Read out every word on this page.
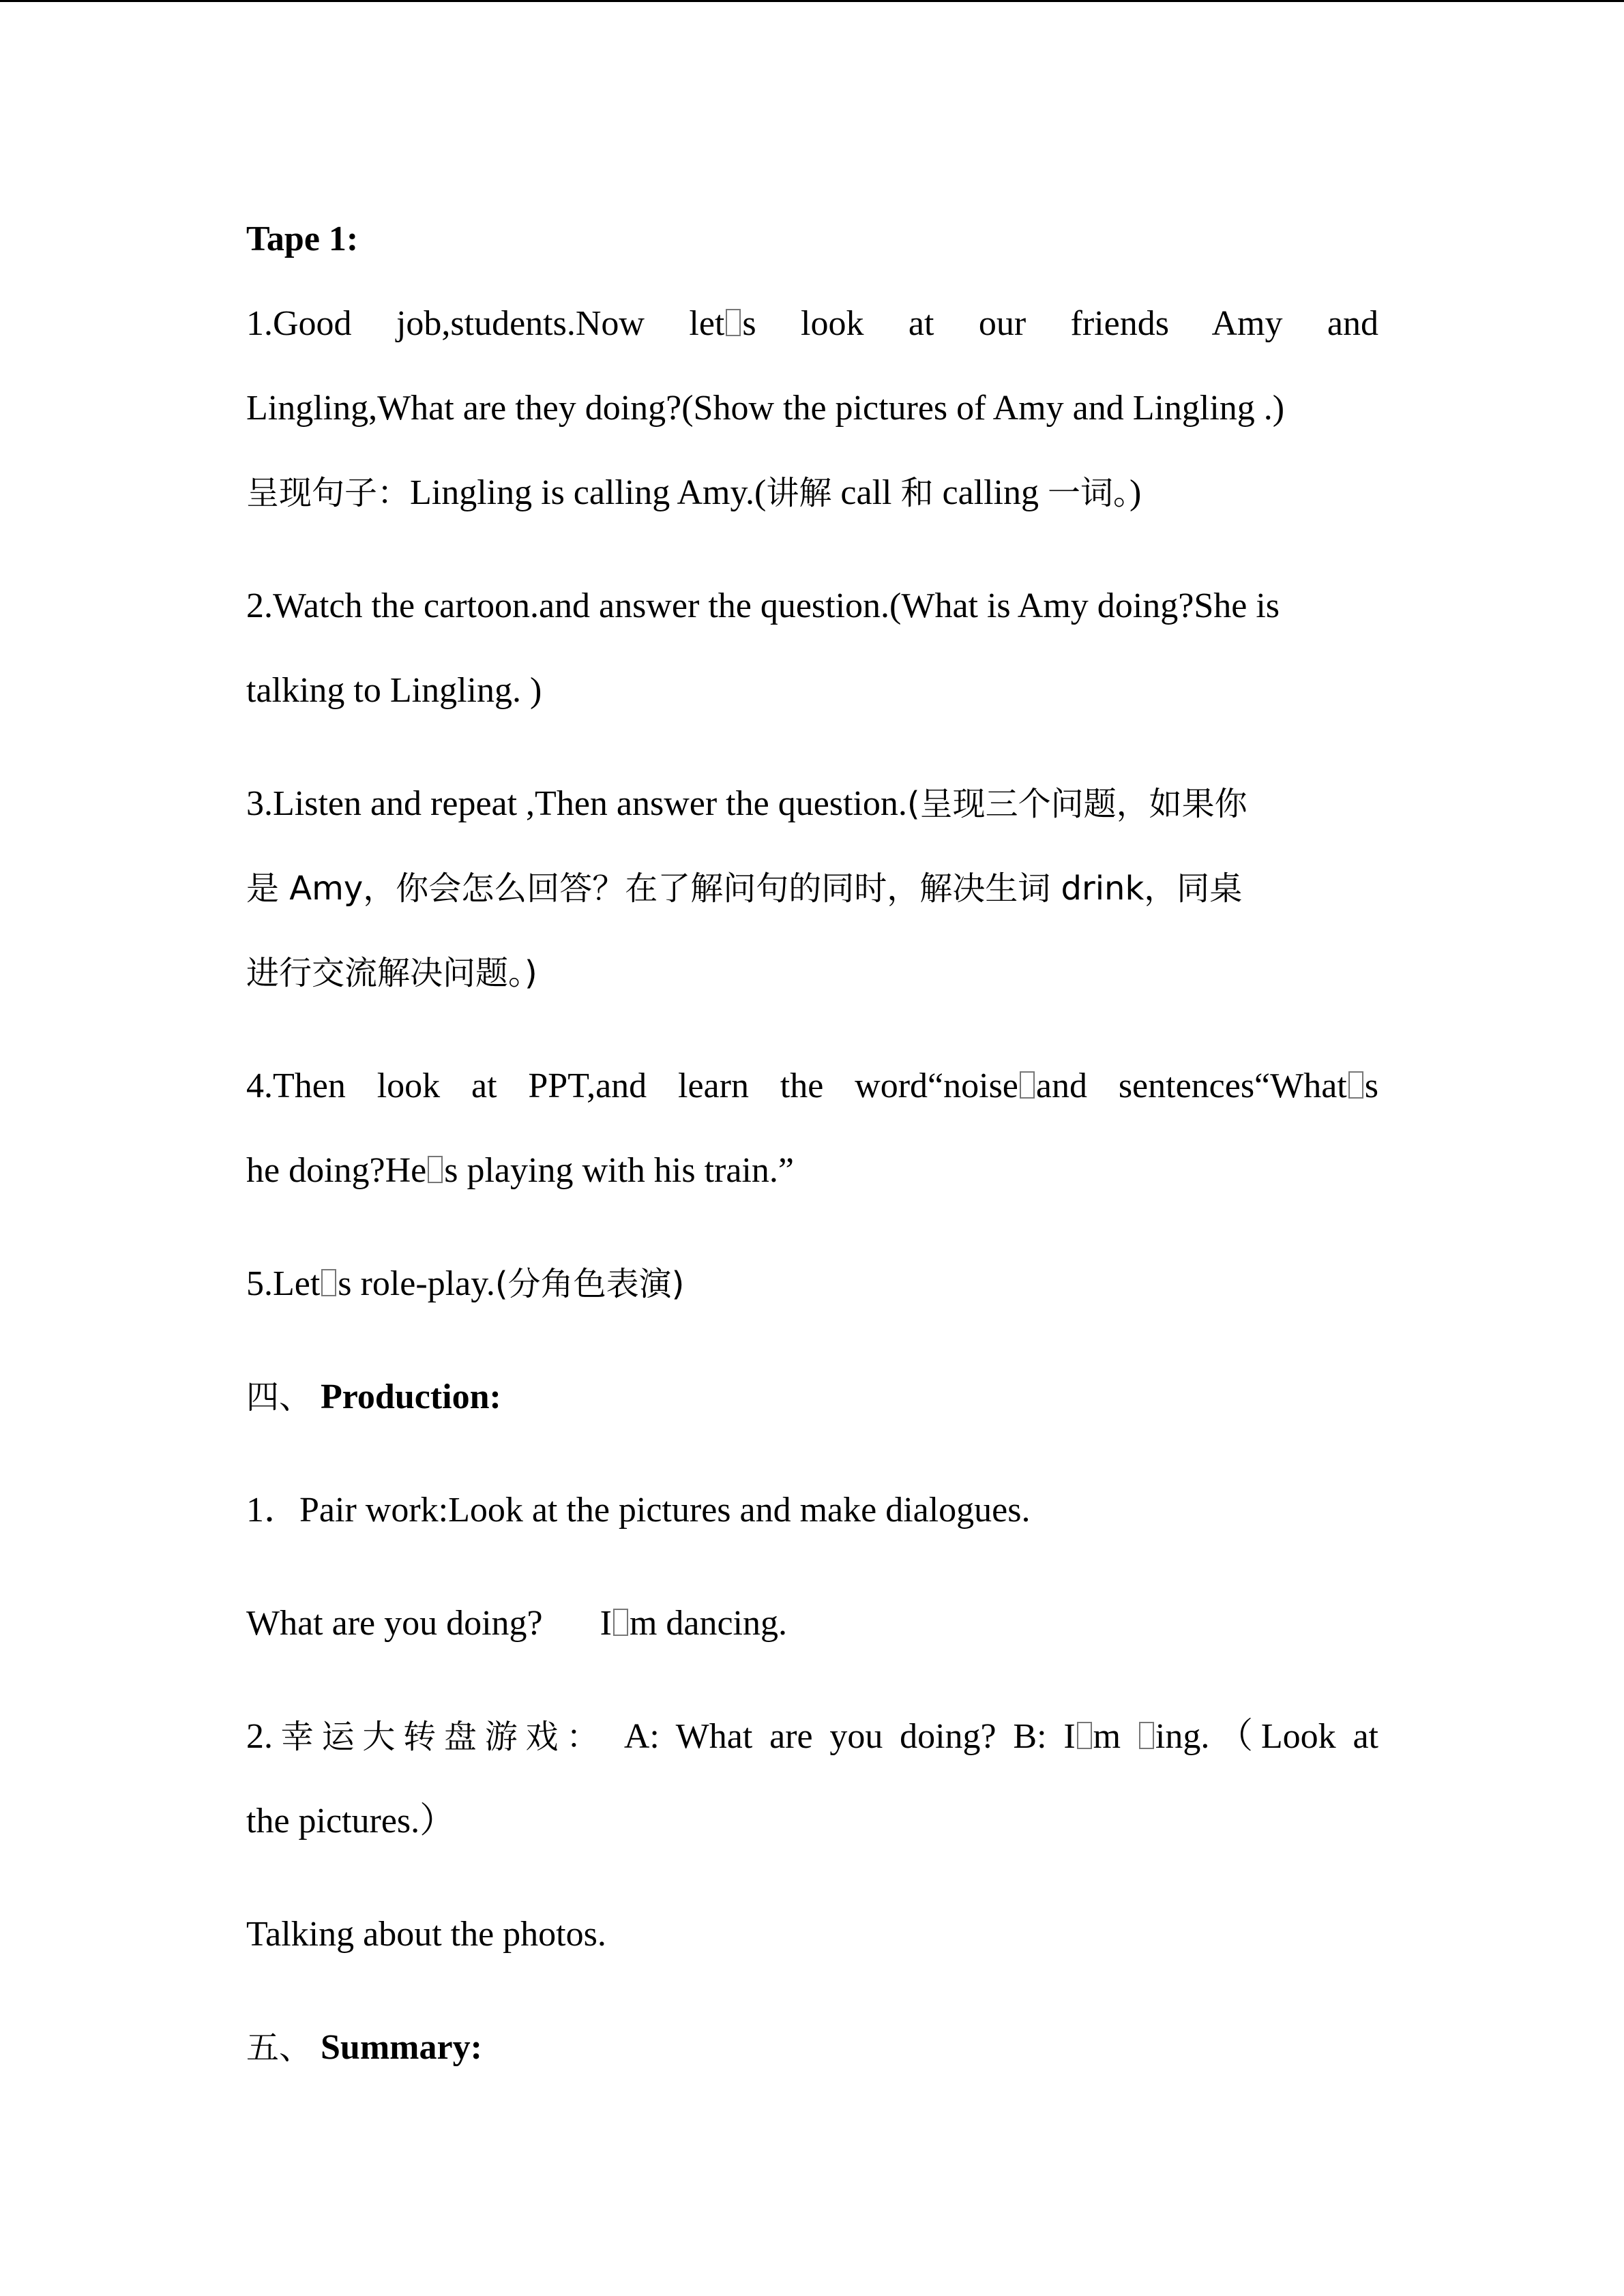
Tape 1:
1.Good job,students.Now let s look at our friends Amy and
Lingling,What are they doing?(Show the pictures of Amy and Lingling .)
呈现句子：Lingling is calling Amy.(讲解 call 和 calling 一词。)
2.Watch the cartoon.and answer the question.(What is Amy doing?She is
talking to Lingling. )
3.Listen and repeat ,Then answer the question.(呈现三个问题，如果你
是 Amy，你会怎么回答？在了解问句的同时，解决生词 drink，同桌
进行交流解决问题。)
4.Then look at PPT,and learn the word“noise and sentences“What s
he doing?He s playing with his train.”
5.Let s role-play.(分角色表演)
四、 Production:
1．Pair work:Look at the pictures and make dialogues.
What are you doing? I m dancing.
2.幸运大转盘游戏： A: What are you doing? B: I m ing.（Look at
the pictures.）
Talking about the photos.
五、 Summary:
